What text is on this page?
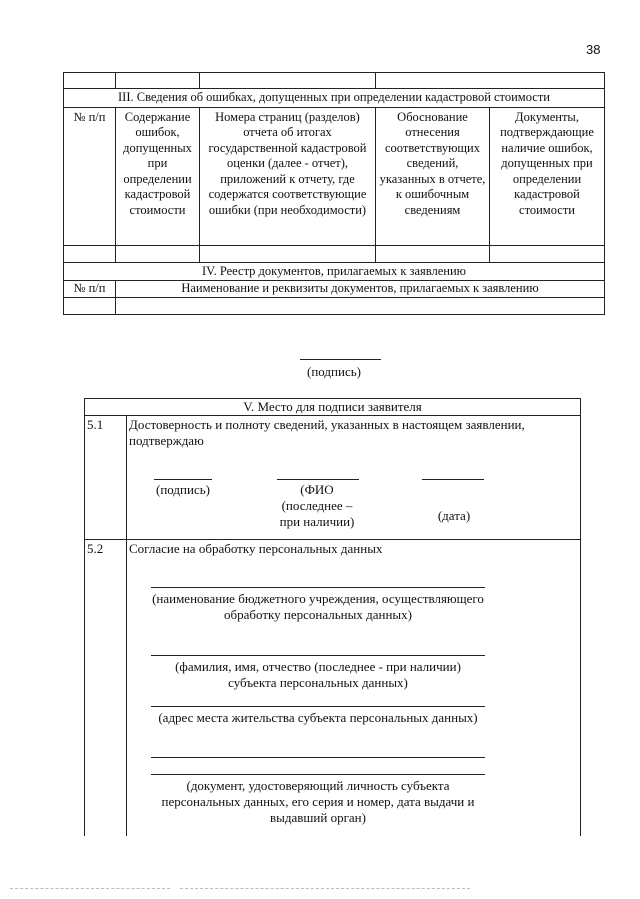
38

III. Сведения об ошибках, допущенных при определении кадастровой стоимости				
№ п/п	Содержание ошибок, допущенных при определении кадастровой стоимости	Номера страниц (разделов) отчета об итогах государственной кадастровой оценки (далее - отчет), приложений к отчету, где содержатся соответствующие ошибки (при необходимости)	Обоснование отнесения соответствующих сведений, указанных в отчете, к ошибочным сведениям	Документы, подтверждающие наличие ошибок, допущенных при определении кадастровой стоимости

IV. Реестр документов, прилагаемых к заявлению				
№ п/п	Наименование и реквизиты документов, прилагаемых к заявлению			

(подпись)
V. Место для подписи заявителя	
5.1	Достоверность и полноту сведений, указанных в настоящем заявлении, подтверждаю
(подпись) (ФИО (последнее – при наличии) (дата)

5.2	Согласие на обработку персональных данных
(наименование бюджетного учреждения, осуществляющего обработку персональных данных)
(фамилия, имя, отчество (последнее - при наличии) субъекта персональных данных)
(адрес места жительства субъекта персональных данных)
(документ, удостоверяющий личность субъекта персональных данных, его серия и номер, дата выдачи и выдавший орган)
